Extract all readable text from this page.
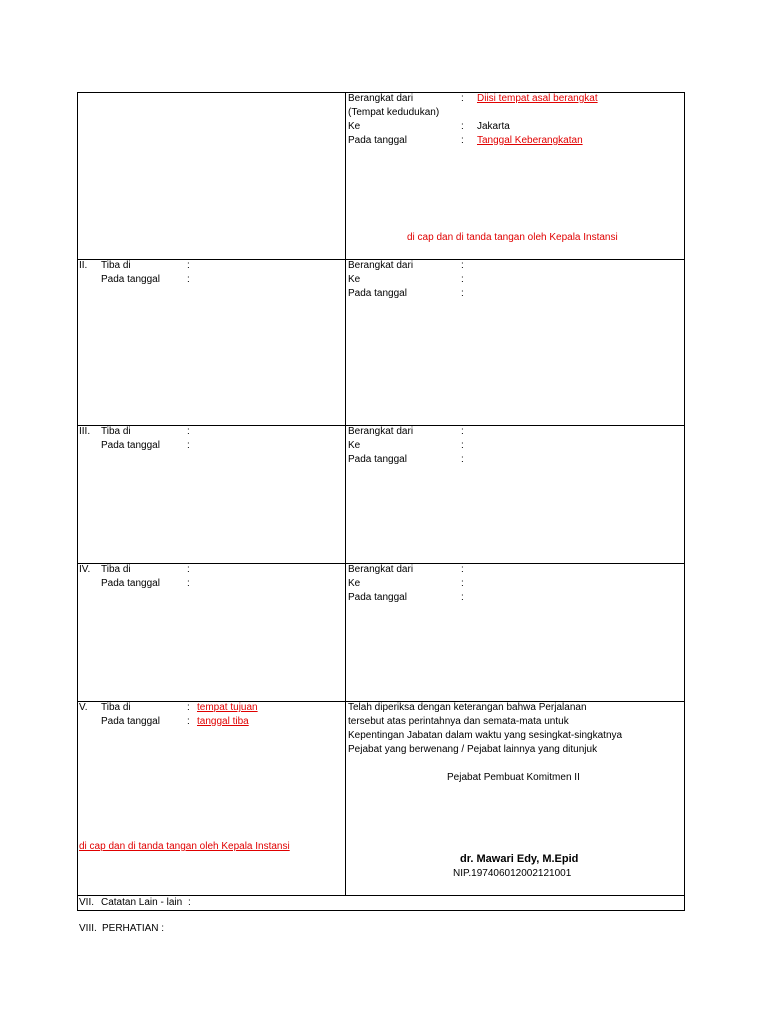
Berangkat dari	: Diisi tempat asal berangkat
(Tempat kedudukan)
Ke	: Jakarta
Pada tanggal	: Tanggal Keberangkatan
di cap dan di tanda tangan oleh Kepala Instansi
II. Tiba di	:
Pada tanggal	:
Berangkat dari	:
Ke	:
Pada tanggal	:
III. Tiba di	:
Pada tanggal	:
Berangkat dari	:
Ke	:
Pada tanggal	:
IV. Tiba di	:
Pada tanggal	:
Berangkat dari	:
Ke	:
Pada tanggal	:
V. Tiba di	: tempat tujuan
Pada tanggal	: tanggal tiba
di cap dan di tanda tangan oleh Kepala Instansi
Telah diperiksa dengan keterangan bahwa Perjalanan
tersebut atas perintahnya dan semata-mata untuk
Kepentingan Jabatan dalam waktu yang sesingkat-singkatnya
Pejabat yang berwenang / Pejabat lainnya yang ditunjuk
Pejabat Pembuat Komitmen II
dr. Mawari Edy, M.Epid
NIP.197406012002121001
VII. Catatan Lain - lain :
VIII. PERHATIAN :
